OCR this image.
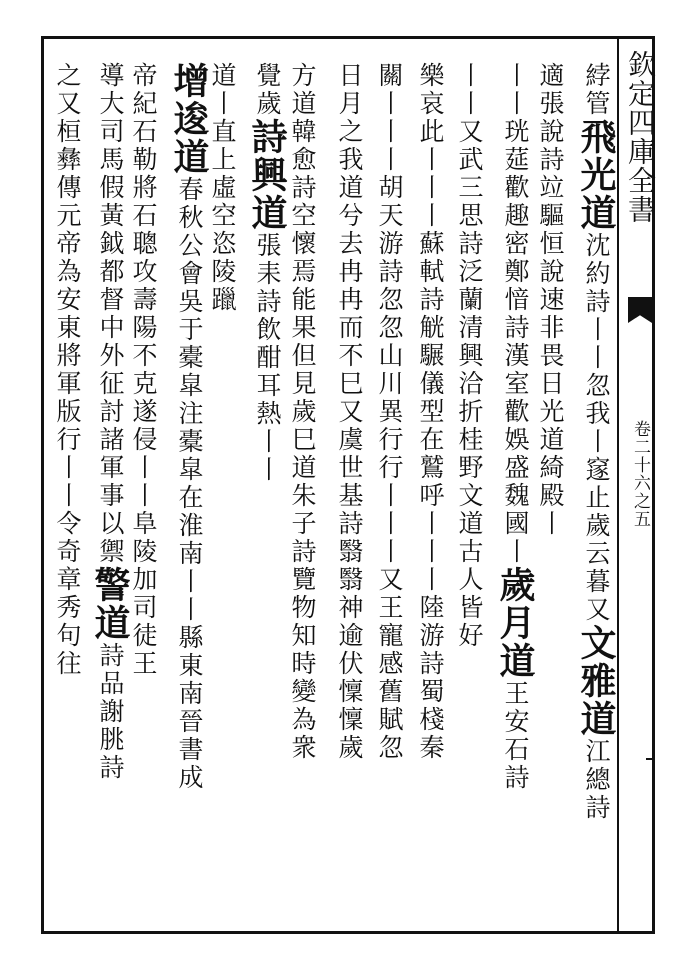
欽定四庫全書
卷二十六之五
綍管飛光道沈約詩丨丨忽我丨䆳止歲云暮又文雅道江總詩
適張說詩竝驅恒說速非畏日光道綺殿丨
丨丨珖莚歡趣密鄭愔詩漢室歡娛盛魏國丨歲月道王安石詩
丨丨又武三思詩泛蘭清興洽折桂野文道古人皆好
樂哀此丨丨丨蘇軾詩觥𩥇儀型在鷲呼丨丨丨陸游詩蜀棧秦
關丨丨丨胡天游詩忽忽山川異行行丨丨丨又王寵感舊賦忽
日月之我道兮去冉冉而不巳又虞世基詩翳翳神逾伏懍懍歲
方道韓愈詩空懷焉能果但見歲巳道朱子詩覽物知時變為衆
覺歲詩興道張耒詩飲酣耳熱丨丨
道丨直上虛空恣陵躐
增逡道春秋公會吳于橐皐注橐皐在淮南丨丨縣東南晉書成
帝紀石勒將石聰攻壽陽不克遂侵丨丨阜陵加司徒王
導大司馬假黃鉞都督中外征討諸軍事以禦警道詩品謝朓詩
之又桓彝傳元帝為安東將軍版行丨丨令奇章秀句往
